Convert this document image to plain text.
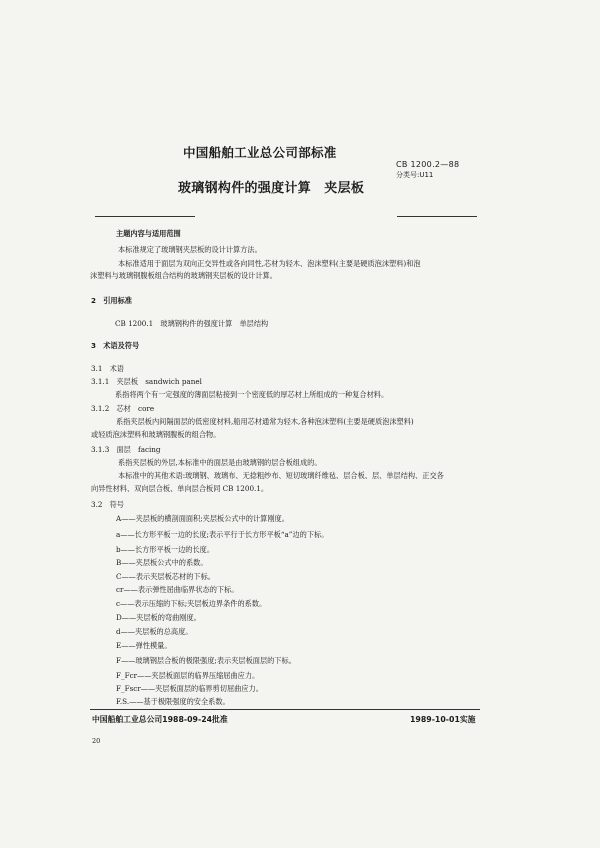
中国船舶工业总公司部标准
CB 1200.2—88
分类号:U11
玻璃钢构件的强度计算　夹层板
主题内容与适用范围
本标准规定了玻璃钢夹层板的设计计算方法。
本标准适用于面层为双向正交异性或各向同性,芯材为轻木、泡沫塑料(主要是硬质泡沫塑料)和泡
沫塑料与玻璃钢腹板组合结构的玻璃钢夹层板的设计计算。
2　引用标准
CB 1200.1　玻璃钢构件的强度计算　单层结构
3　术语及符号
3.1　术语
3.1.1　夹层板　sandwich panel
系指将两个有一定强度的薄面层粘接到一个密度低的厚芯材上所组成的一种复合材料。
3.1.2　芯材　core
系指夹层板内间隔面层的低密度材料,船用芯材通常为轻木,各种泡沫塑料(主要是硬质泡沫塑料)
或轻质泡沫塑料和玻璃钢腹板的组合物。
3.1.3　面层　facing
系指夹层板的外层,本标准中的面层是由玻璃钢的层合板组成的。
本标准中的其他术语:玻璃钢、玻璃布、无捻粗纱布、短切玻璃纤维毡、层合板、层、单层结构、正交各
向异性材料、双向层合板、单向层合板同 CB 1200.1。
3.2　符号
A——夹层板的横剖面面积;夹层板公式中的计算刚度。
a——长方形平板一边的长度;表示平行于长方形平板“a”边的下标。
b——长方形平板一边的长度。
B——夹层板公式中的系数。
C——表示夹层板芯材的下标。
cr——表示弹性屈曲临界状态的下标。
c——表示压缩的下标;夹层板边界条件的系数。
D——夹层板的弯曲刚度。
d——夹层板的总高度。
E——弹性模量。
F——玻璃钢层合板的极限强度;表示夹层板面层的下标。
F_Fcr——夹层板面层的临界压缩屈曲应力。
F_Fscr——夹层板面层的临界剪切屈曲应力。
F.S.——基于极限强度的安全系数。
中国船舶工业总公司1988-09-24批准	1989-10-01实施
20
